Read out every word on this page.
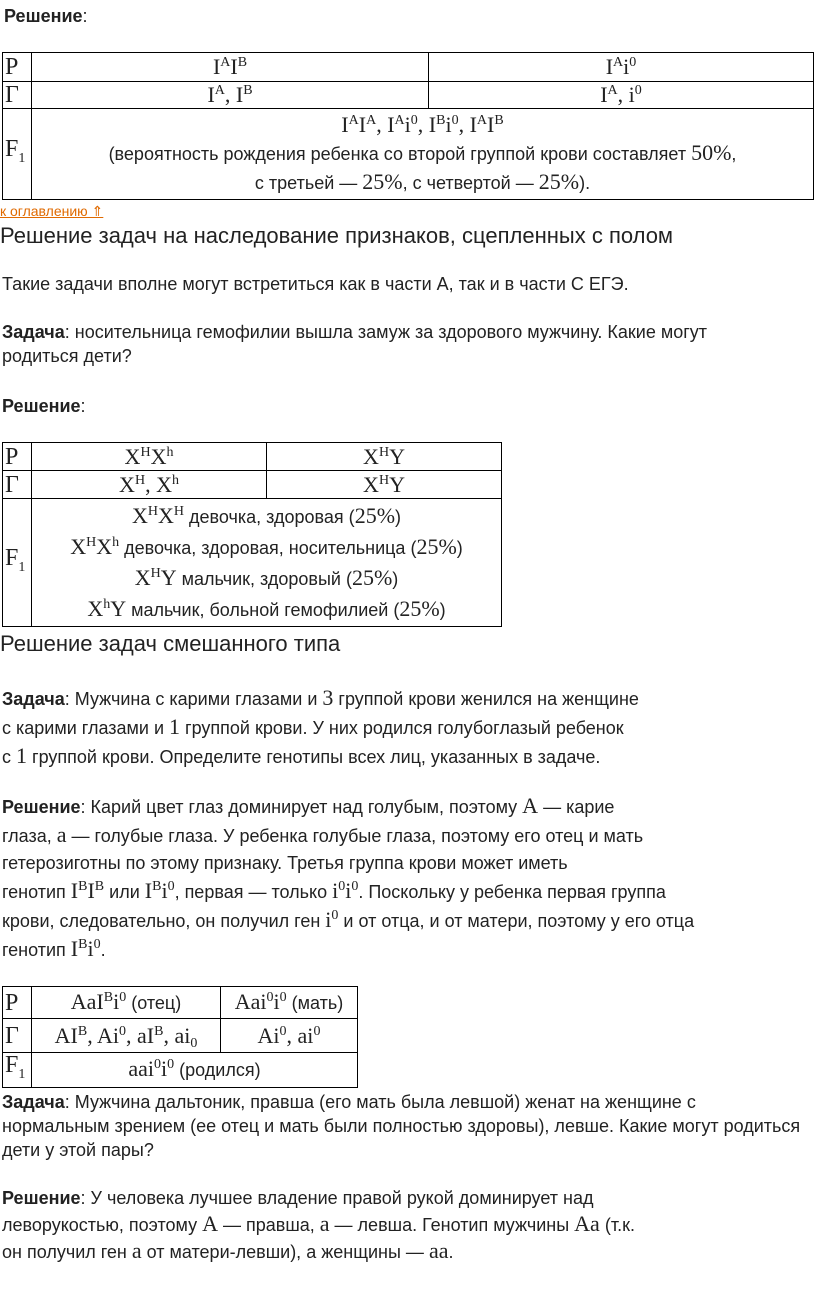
Решение:

P	$I^AI^B$	$I^Ai^0$
Г	$I^A$, $I^B$	$I^A$, $i^0$
$F_1$	$I^AI^A$, $I^Ai^0$, $I^Bi^0$, $I^AI^B$
(вероятность рождения ребенка со второй группой крови составляет 50%,
с третьей — 25%, с четвертой — 25%).	
к оглавлению ⇑
Решение задач на наследование признаков, сцепленных с полом

Такие задачи вполне могут встретиться как в части А, так и в части С ЕГЭ.

Задача: носительница гемофилии вышла замуж за здорового мужчину. Какие могут родиться дети?

Решение:

P	$X^HX^h$	$X^HY$
Г	$X^H$, $X^h$	$X^HY$
$F_1$	$X^HX^H$ девочка, здоровая (25%)
$X^HX^h$ девочка, здоровая, носительница (25%)
$X^HY$ мальчик, здоровый (25%)
$X^hY$ мальчик, больной гемофилией (25%)	
Решение задач смешанного типа
Задача: Мужчина с карими глазами и 3 группой крови женился на женщине
с карими глазами и 1 группой крови. У них родился голубоглазый ребенок
с 1 группой крови. Определите генотипы всех лиц, указанных в задаче.
Решение: Карий цвет глаз доминирует над голубым, поэтому A — карие
глаза, a — голубые глаза. У ребенка голубые глаза, поэтому его отец и мать
гетерозиготны по этому признаку. Третья группа крови может иметь
генотип $I^BI^B$ или $I^Bi^0$, первая — только $i^0i^0$. Поскольку у ребенка первая группа
крови, следовательно, он получил ген $i^0$ и от отца, и от матери, поэтому у его отца
генотип $I^Bi^0$.
P	$AaI^Bi^0$ (отец)	$Aai^0i^0$ (мать)
Г	$AI^B$, Ai$^0$, $aI^B$, $ai_0$	Ai$^0$, $ai^0$
$F_1$	$aai^0i^0$ (родился)	

Задача: Мужчина дальтоник, правша (его мать была левшой) женат на женщине с нормальным зрением (ее отец и мать были полностью здоровы), левше. Какие могут родиться дети у этой пары?

Решение: У человека лучшее владение правой рукой доминирует над
леворукостью, поэтому A — правша, a — левша. Генотип мужчины Aa (т.к.
он получил ген a от матери-левши), а женщины — aa.
